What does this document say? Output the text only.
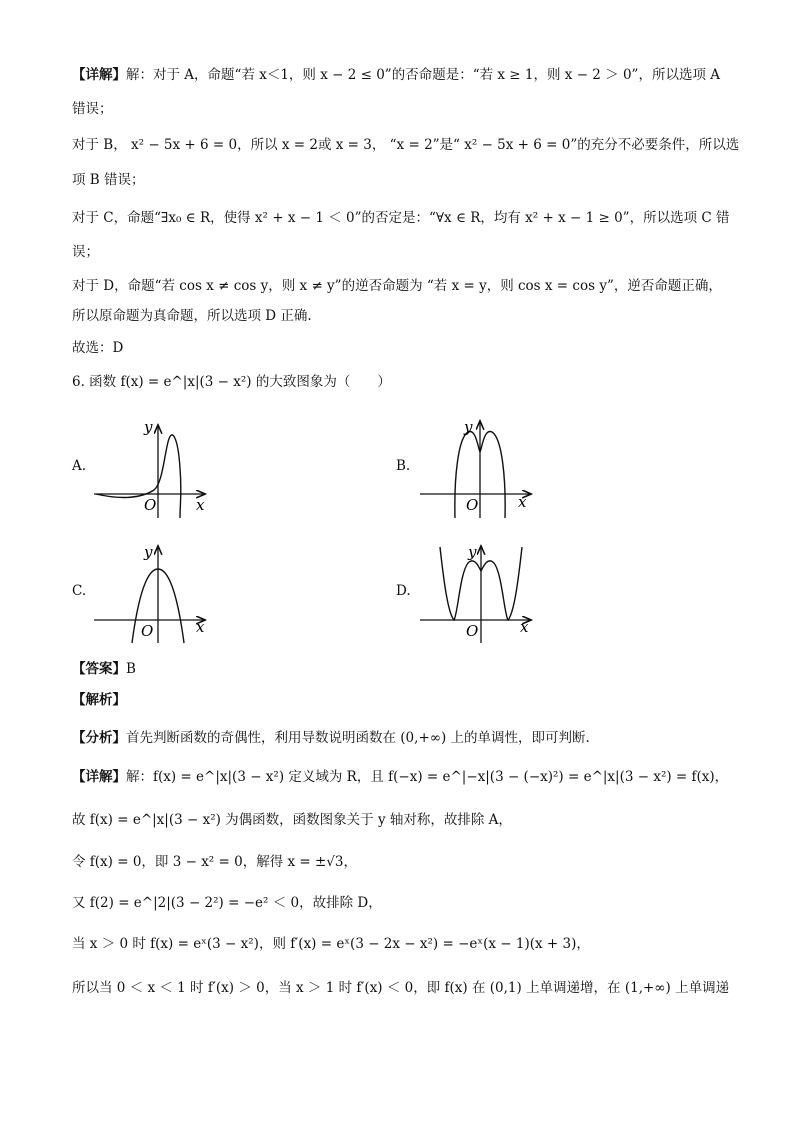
【详解】解：对于 A，命题“若 x＜1，则 x − 2 ≤ 0”的否命题是：“若 x ≥ 1，则 x − 2 ＞ 0”，所以选项 A
错误；
对于 B， x² − 5x + 6 = 0，所以 x = 2或 x = 3， “x = 2”是“ x² − 5x + 6 = 0”的充分不必要条件，所以选
项 B 错误；
对于 C，命题“∃x₀ ∈ R，使得 x² + x − 1 ＜ 0”的否定是：“∀x ∈ R，均有 x² + x − 1 ≥ 0”，所以选项 C 错
误；
对于 D，命题“若 cos x ≠ cos y，则 x ≠ y”的逆否命题为 “若 x = y，则 cos x = cos y”，逆否命题正确，
所以原命题为真命题，所以选项 D 正确.
故选：D
6. 函数 f(x) = e^|x|(3 − x²) 的大致图象为（　　）
A.	B.
C.	D.
y
O	x
y
O	x
y
O	x
y
O	x
【答案】B
【解析】
【分析】首先判断函数的奇偶性，利用导数说明函数在 (0,+∞) 上的单调性，即可判断.
【详解】解：f(x) = e^|x|(3 − x²) 定义域为 R，且 f(−x) = e^|−x|(3 − (−x)²) = e^|x|(3 − x²) = f(x)，
故 f(x) = e^|x|(3 − x²) 为偶函数，函数图象关于 y 轴对称，故排除 A，
令 f(x) = 0，即 3 − x² = 0，解得 x = ±√3，
又 f(2) = e^|2|(3 − 2²) = −e² ＜ 0，故排除 D，
当 x ＞ 0 时 f(x) = eˣ(3 − x²)，则 f′(x) = eˣ(3 − 2x − x²) = −eˣ(x − 1)(x + 3)，
所以当 0 ＜ x ＜ 1 时 f′(x) ＞ 0，当 x ＞ 1 时 f′(x) ＜ 0，即 f(x) 在 (0,1) 上单调递增，在 (1,+∞) 上单调递
